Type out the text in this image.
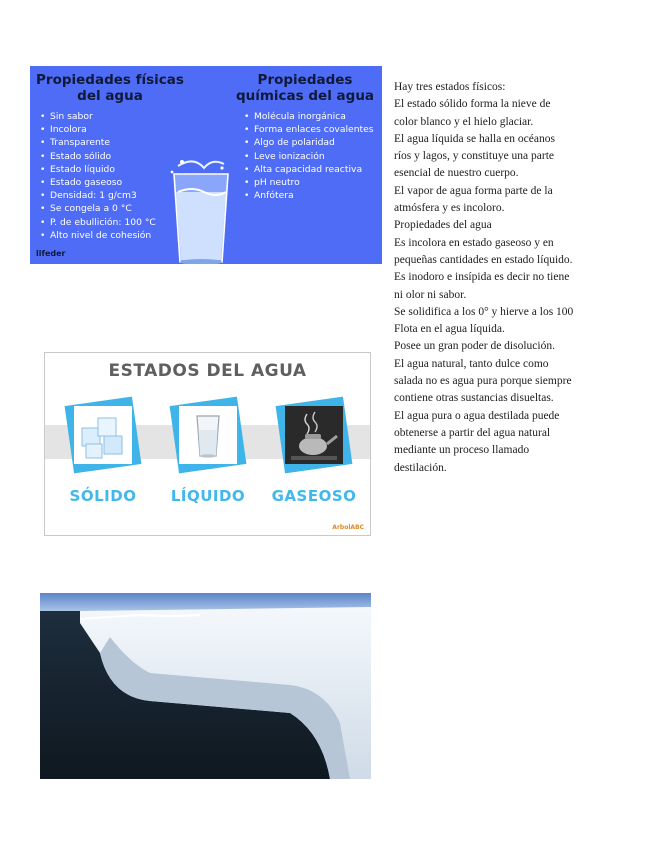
Propiedades físicas del agua
• Sin sabor
• Incolora
• Transparente
• Estado sólido
• Estado líquido
• Estado gaseoso
• Densidad: 1 g/cm3
• Se congela a 0 °C
• P. de ebullición: 100 °C
• Alto nivel de cohesión
Propiedades químicas del agua
• Molécula inorgánica
• Forma enlaces covalentes
• Algo de polaridad
• Leve ionización
• Alta capacidad reactiva
• pH neutro
• Anfótera
lifeder
ESTADOS DEL AGUA
SÓLIDO	LÍQUIDO	GASEOSO
ArbolABC

Hay tres estados físicos:

El estado sólido forma la nieve de

color blanco y el hielo glaciar.

El agua líquida se halla en océanos

ríos y lagos, y constituye una parte

esencial de nuestro cuerpo.

El vapor de agua forma parte de la

atmósfera y es incoloro.

Propiedades del agua

Es incolora en estado gaseoso y en

pequeñas cantidades en estado líquido.

Es inodoro e insípida es decir no tiene

ni olor ni sabor.

Se solidifica a los 0° y hierve a los 100

Flota en el agua líquida.

Posee un gran poder de disolución.

El agua natural, tanto dulce como

salada no es agua pura porque siempre

contiene otras sustancias disueltas.

El agua pura o agua destilada puede

obtenerse a partir del agua natural

mediante un proceso llamado

destilación.
